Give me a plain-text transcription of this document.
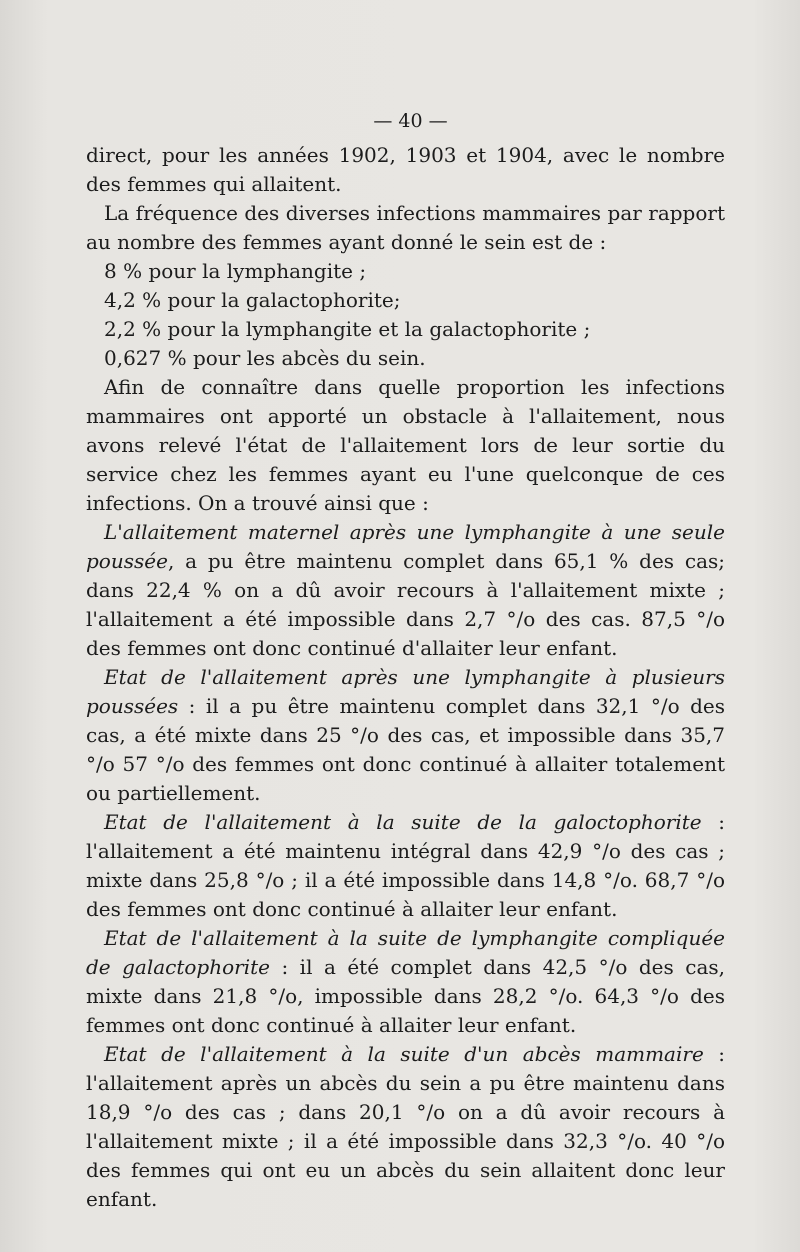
— 40 —

direct, pour les années 1902, 1903 et 1904, avec le nombre des femmes qui allaitent.

La fréquence des diverses infections mammaires par rapport au nombre des femmes ayant donné le sein est de :

8 % pour la lymphangite ;

4,2 % pour la galactophorite;

2,2 % pour la lymphangite et la galactophorite ;

0,627 % pour les abcès du sein.

Afin de connaître dans quelle proportion les infections mammaires ont apporté un obstacle à l'allaitement, nous avons relevé l'état de l'allaitement lors de leur sortie du service chez les femmes ayant eu l'une quelconque de ces infections. On a trouvé ainsi que :

L'allaitement maternel après une lymphangite à une seule poussée, a pu être maintenu complet dans 65,1 % des cas; dans 22,4 % on a dû avoir recours à l'allaitement mixte ; l'allaitement a été impossible dans 2,7 °/o des cas. 87,5 °/o des femmes ont donc continué d'allaiter leur enfant.

Etat de l'allaitement après une lymphangite à plusieurs poussées : il a pu être maintenu complet dans 32,1 °/o des cas, a été mixte dans 25 °/o des cas, et impossible dans 35,7 °/o 57 °/o des femmes ont donc continué à allaiter totalement ou partiellement.

Etat de l'allaitement à la suite de la galoctophorite : l'allaitement a été maintenu intégral dans 42,9 °/o des cas ; mixte dans 25,8 °/o ; il a été impossible dans 14,8 °/o. 68,7 °/o des femmes ont donc continué à allaiter leur enfant.

Etat de l'allaitement à la suite de lymphangite compliquée de galactophorite : il a été complet dans 42,5 °/o des cas, mixte dans 21,8 °/o, impossible dans 28,2 °/o. 64,3 °/o des femmes ont donc continué à allaiter leur enfant.

Etat de l'allaitement à la suite d'un abcès mammaire : l'allaitement après un abcès du sein a pu être maintenu dans 18,9 °/o des cas ; dans 20,1 °/o on a dû avoir recours à l'allaitement mixte ; il a été impossible dans 32,3 °/o. 40 °/o des femmes qui ont eu un abcès du sein allaitent donc leur enfant.
